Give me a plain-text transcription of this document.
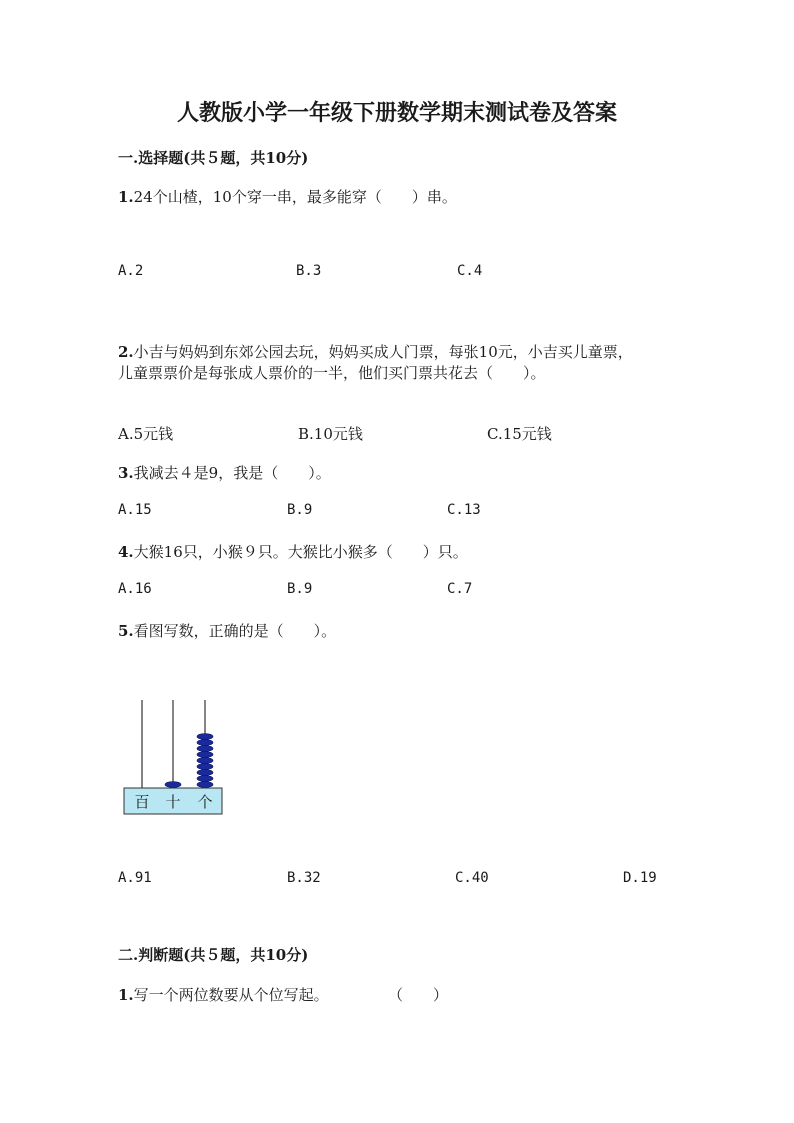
人教版小学一年级下册数学期末测试卷及答案
一.选择题(共５题，共10分)
1.24个山楂，10个穿一串，最多能穿（　　）串。
A.2	B.3	C.4
2.小吉与妈妈到东郊公园去玩，妈妈买成人门票，每张10元，小吉买儿童票，
儿童票票价是每张成人票价的一半，他们买门票共花去（　　）。
A.5元钱	B.10元钱	C.15元钱
3.我减去４是9，我是（　　）。
A.15	B.9	C.13
4.大猴16只，小猴９只。大猴比小猴多（　　）只。
A.16	B.9	C.7
5.看图写数，正确的是（　　）。
百 十 个
A.91	B.32	C.40	D.19
二.判断题(共５题，共10分)
1.写一个两位数要从个位写起。	（　　）
